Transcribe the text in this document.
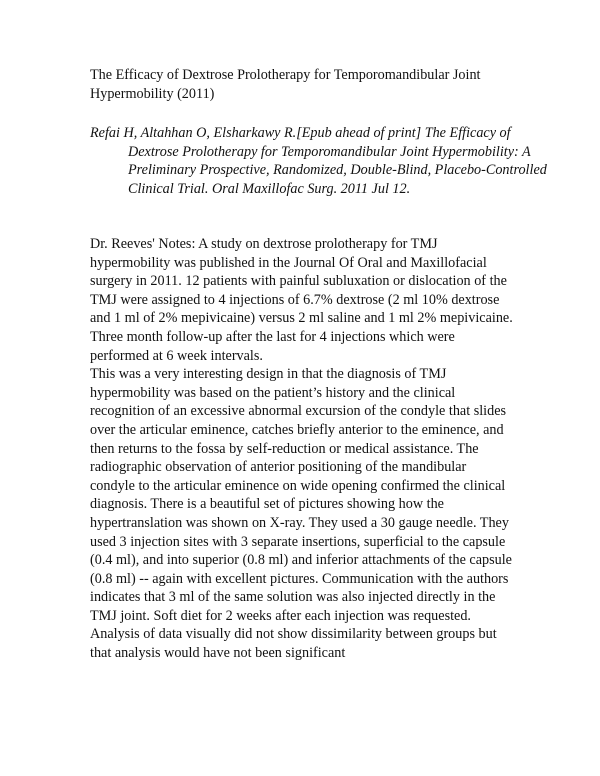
The Efficacy of Dextrose Prolotherapy for Temporomandibular Joint Hypermobility (2011)

Refai H, Altahhan O, Elsharkawy R.[Epub ahead of print] The Efficacy of Dextrose Prolotherapy for Temporomandibular Joint Hypermobility: A Preliminary Prospective, Randomized, Double-Blind, Placebo-Controlled Clinical Trial. Oral Maxillofac Surg. 2011 Jul 12.

Dr. Reeves' Notes: A study on dextrose prolotherapy for TMJ hypermobility was published in the Journal Of Oral and Maxillofacial surgery in 2011. 12 patients with painful subluxation or dislocation of the TMJ were assigned to 4 injections of 6.7% dextrose (2 ml 10% dextrose and 1 ml of 2% mepivicaine) versus 2 ml saline and 1 ml 2% mepivicaine. Three month follow-up after the last for 4 injections which were performed at 6 week intervals.

This was a very interesting design in that the diagnosis of TMJ hypermobility was based on the patient’s history and the clinical recognition of an excessive abnormal excursion of the condyle that slides over the articular eminence, catches briefly anterior to the eminence, and then returns to the fossa by self-reduction or medical assistance. The radiographic observation of anterior positioning of the mandibular condyle to the articular eminence on wide opening confirmed the clinical diagnosis. There is a beautiful set of pictures showing how the hypertranslation was shown on X-ray. They used a 30 gauge needle. They used 3 injection sites with 3 separate insertions, superficial to the capsule (0.4 ml), and into superior (0.8 ml) and inferior attachments of the capsule (0.8 ml) -- again with excellent pictures. Communication with the authors indicates that 3 ml of the same solution was also injected directly in the TMJ joint. Soft diet for 2 weeks after each injection was requested.

Analysis of data visually did not show dissimilarity between groups but that analysis would have not been significant
